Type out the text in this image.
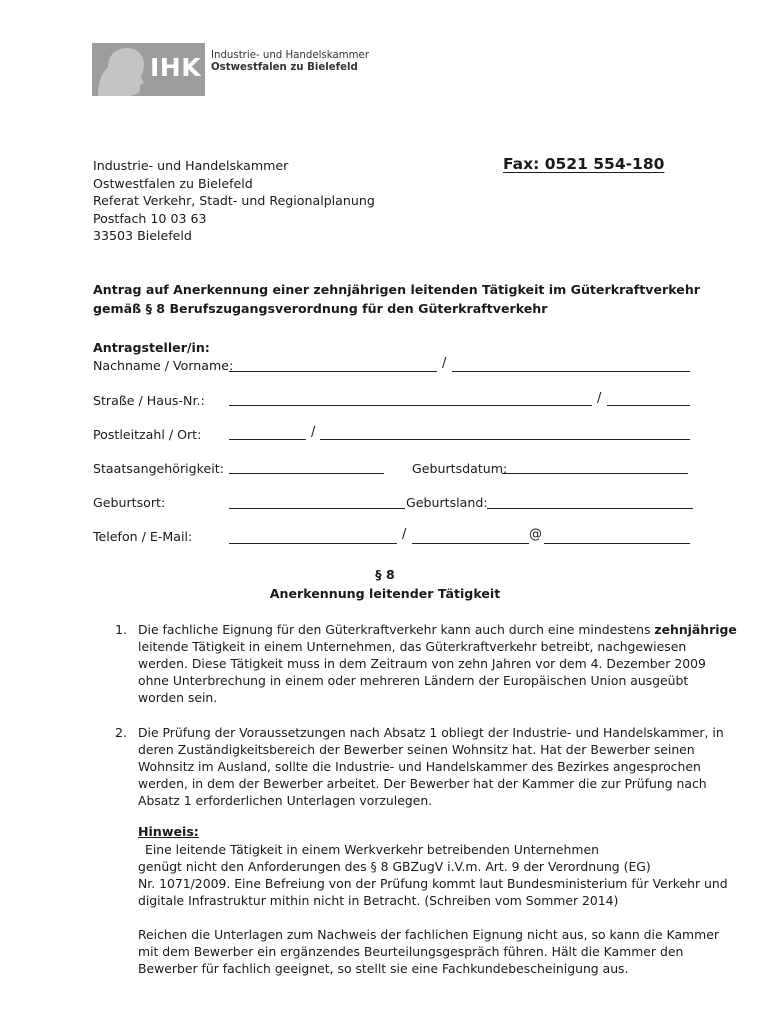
IHK Industrie- und Handelskammer
Ostwestfalen zu Bielefeld
Industrie- und Handelskammer
Ostwestfalen zu Bielefeld
Referat Verkehr, Stadt- und Regionalplanung
Postfach 10 03 63
33503 Bielefeld
Fax: 0521 554-180
Antrag auf Anerkennung einer zehnjährigen leitenden Tätigkeit im Güterkraftverkehr
gemäß § 8 Berufszugangsverordnung für den Güterkraftverkehr
Antragsteller/in:
Nachname / Vorname:	/
Straße / Haus-Nr.:	/
Postleitzahl / Ort:	/
Staatsangehörigkeit:	Geburtsdatum:
Geburtsort:	Geburtsland:
Telefon / E-Mail:	/	@
§ 8
Anerkennung leitender Tätigkeit
1. Die fachliche Eignung für den Güterkraftverkehr kann auch durch eine mindestens zehnjährige
leitende Tätigkeit in einem Unternehmen, das Güterkraftverkehr betreibt, nachgewiesen
werden. Diese Tätigkeit muss in dem Zeitraum von zehn Jahren vor dem 4. Dezember 2009
ohne Unterbrechung in einem oder mehreren Ländern der Europäischen Union ausgeübt
worden sein.
2. Die Prüfung der Voraussetzungen nach Absatz 1 obliegt der Industrie- und Handelskammer, in
deren Zuständigkeitsbereich der Bewerber seinen Wohnsitz hat. Hat der Bewerber seinen
Wohnsitz im Ausland, sollte die Industrie- und Handelskammer des Bezirkes angesprochen
werden, in dem der Bewerber arbeitet. Der Bewerber hat der Kammer die zur Prüfung nach
Absatz 1 erforderlichen Unterlagen vorzulegen.
Hinweis:
Eine leitende Tätigkeit in einem Werkverkehr betreibenden Unternehmen
genügt nicht den Anforderungen des § 8 GBZugV i.V.m. Art. 9 der Verordnung (EG)
Nr. 1071/2009. Eine Befreiung von der Prüfung kommt laut Bundesministerium für Verkehr und
digitale Infrastruktur mithin nicht in Betracht. (Schreiben vom Sommer 2014)
Reichen die Unterlagen zum Nachweis der fachlichen Eignung nicht aus, so kann die Kammer
mit dem Bewerber ein ergänzendes Beurteilungsgespräch führen. Hält die Kammer den
Bewerber für fachlich geeignet, so stellt sie eine Fachkundebescheinigung aus.
